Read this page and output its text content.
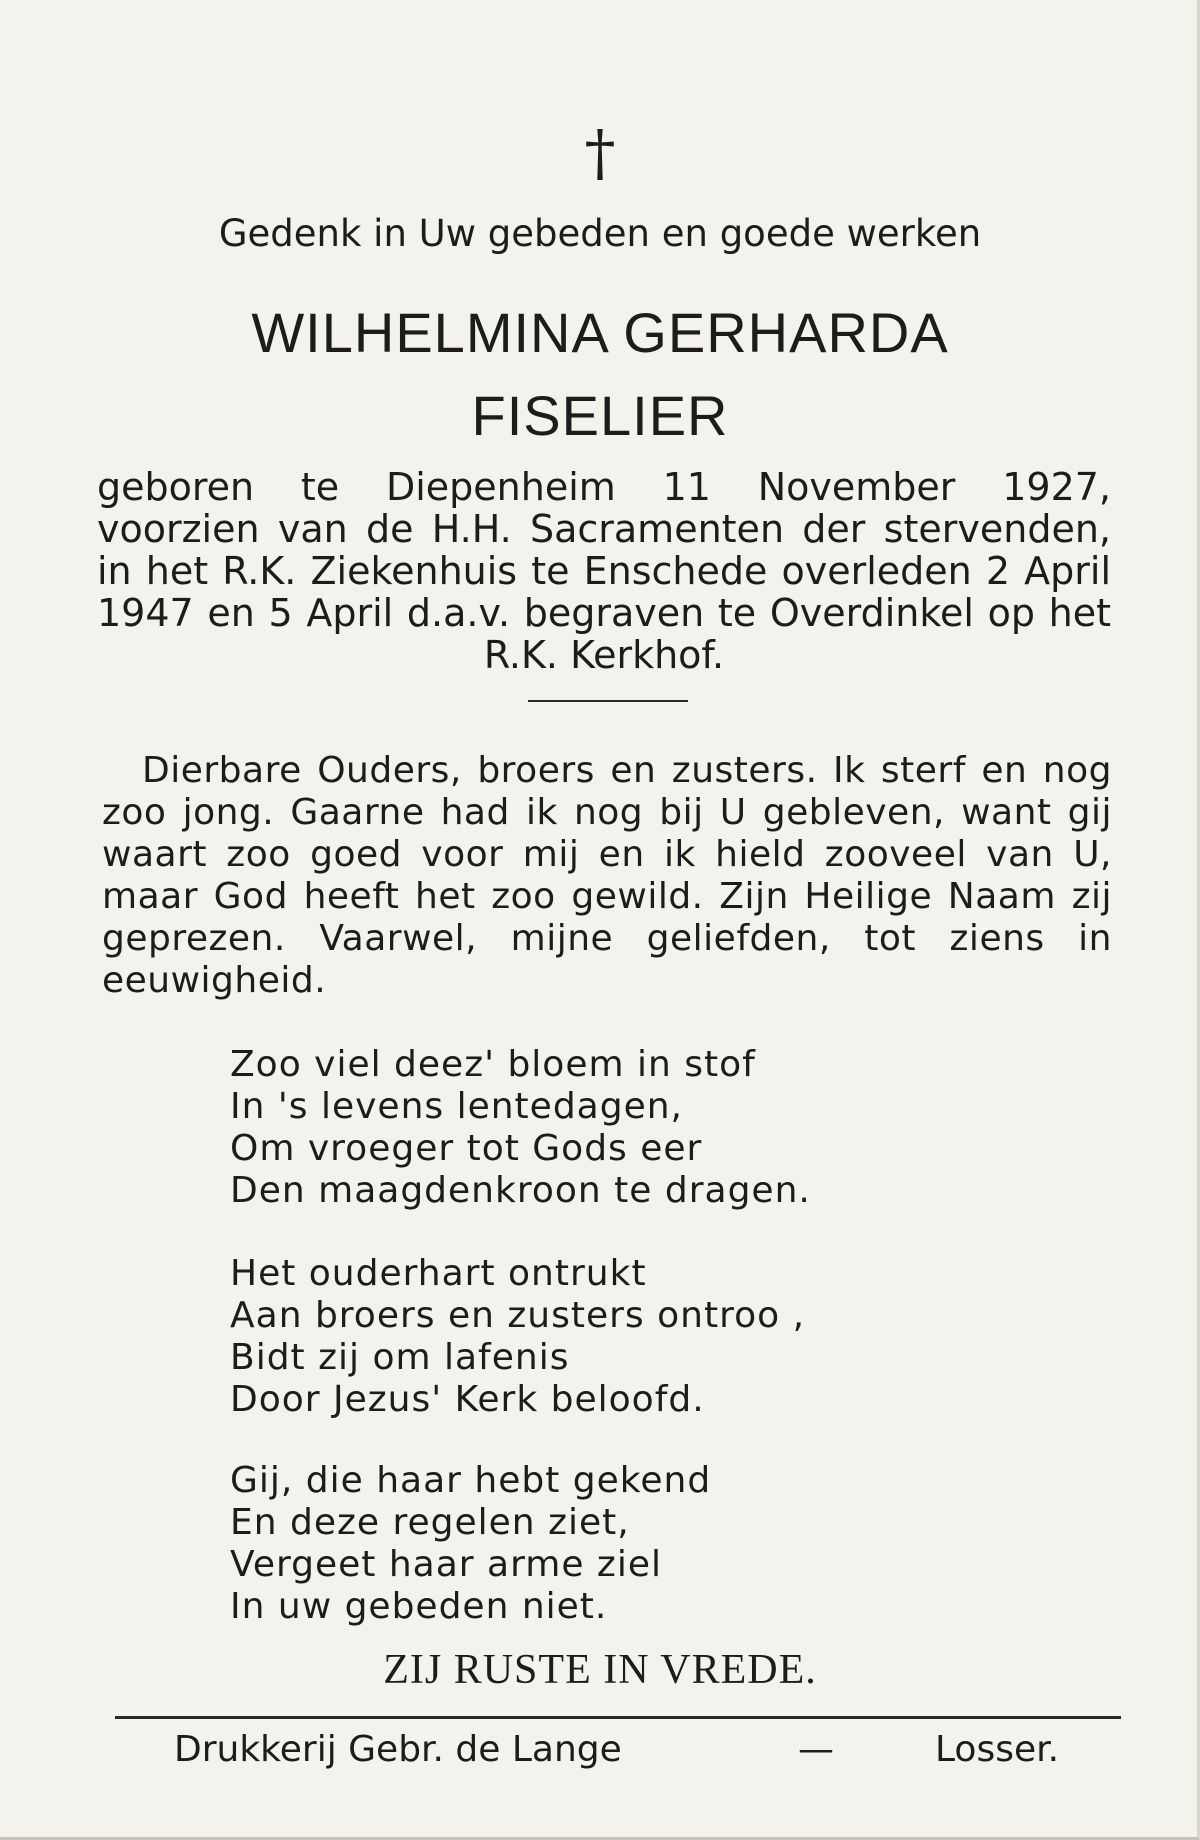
†
Gedenk in Uw gebeden en goede werken
WILHELMINA GERHARDA
FISELIER
geboren te Diepenheim 11 November 1927, voorzien van de H.H. Sacramenten der stervenden, in het R.K. Ziekenhuis te Enschede overleden 2 April 1947 en 5 April d.a.v. begraven te Overdinkel op het R.K. Kerkhof.
Dierbare Ouders, broers en zusters. Ik sterf en nog zoo jong. Gaarne had ik nog bij U gebleven, want gij waart zoo goed voor mij en ik hield zooveel van U, maar God heeft het zoo gewild. Zijn Heilige Naam zij geprezen. Vaarwel, mijne geliefden, tot ziens in eeuwigheid.
Zoo viel deez' bloem in stof
In 's levens lentedagen,
Om vroeger tot Gods eer
Den maagdenkroon te dragen.
Het ouderhart ontrukt
Aan broers en zusters ontroo ,
Bidt zij om lafenis
Door Jezus' Kerk beloofd.
Gij, die haar hebt gekend
En deze regelen ziet,
Vergeet haar arme ziel
In uw gebeden niet.
ZIJ RUSTE IN VREDE.
Drukkerij Gebr. de Lange	—	Losser.
